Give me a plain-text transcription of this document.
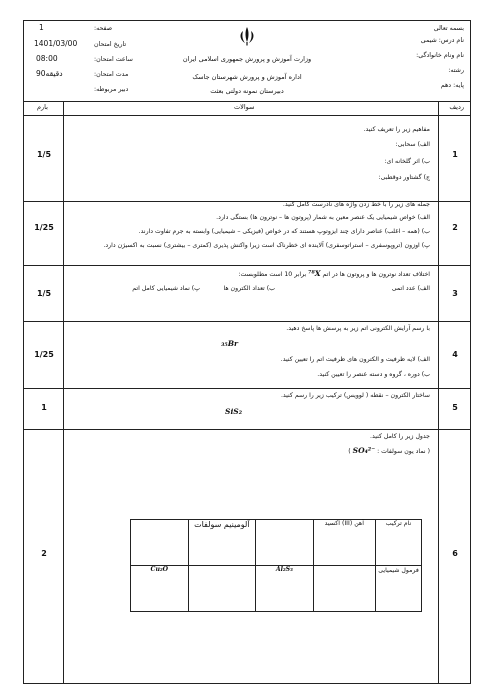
بسمه تعالی
نام درس: شیمی
نام ونام خانوادگی:
رشته:
پایه: دهم
وزارت آموزش و پرورش جمهوری اسلامی ایران
اداره آموزش و پرورش شهرستان جاسک
دبیرستان نمونه دولتی بعثت
صفحه:
1
تاریخ امتحان
1401/03/00
ساعت امتحان:
08:00
مدت امتحان:
90دقیقه
دبیر مربوطه:
ردیف
سوالات
بارم
1
1/5
مفاهیم زیر را تعریف کنید.
الف) سحابی:
ب) اثر گلخانه ای:
ج) گشتاور دوقطبی:
2
1/25
جمله های زیر را با خط زدن واژه های نادرست کامل کنید.
الف) خواص شیمیایی یک عنصر معین به شمار (پروتون ها – نوترون ها) بستگی دارد.
ب) (همه – اغلب) عناصر دارای چند ایزوتوپ هستند که در خواص (فیزیکی – شیمیایی) وابسته به جرم تفاوت دارند.
پ) اوزون (تروپوسفری – استراتوسفری) آلاینده ای خطرناک است زیرا واکنش پذیری (کمتری – بیشتری) نسبت به اکسیژن دارد.
3
1/5
اختلاف تعداد نوترون ها و پروتون ها در اتم ⁷⁸X برابر 10 است مطلوبست:
الف) عدد اتمی
ب) تعداد الکترون ها
پ) نماد شیمیایی کامل اتم
4
1/25
با رسم آرایش الکترونی اتم زیر به پرسش ها پاسخ دهید.
₃₅Br
الف) لایه ظرفیت و الکترون های ظرفیت اتم را تعیین کنید.
ب) دوره ، گروه و دسته عنصر را تعیین کنید.
5
1
ساختار الکترون – نقطه ( لوویس) ترکیب زیر را رسم کنید.
SiS₂
6
2
جدول زیر را کامل کنید.
( نماد یون سولفات : SO₄²⁻ )
	آلومینیم سولفات		آهن (III) اکسید	نام ترکیب
Cu₂O		Al₂S₃		فرمول شیمیایی
